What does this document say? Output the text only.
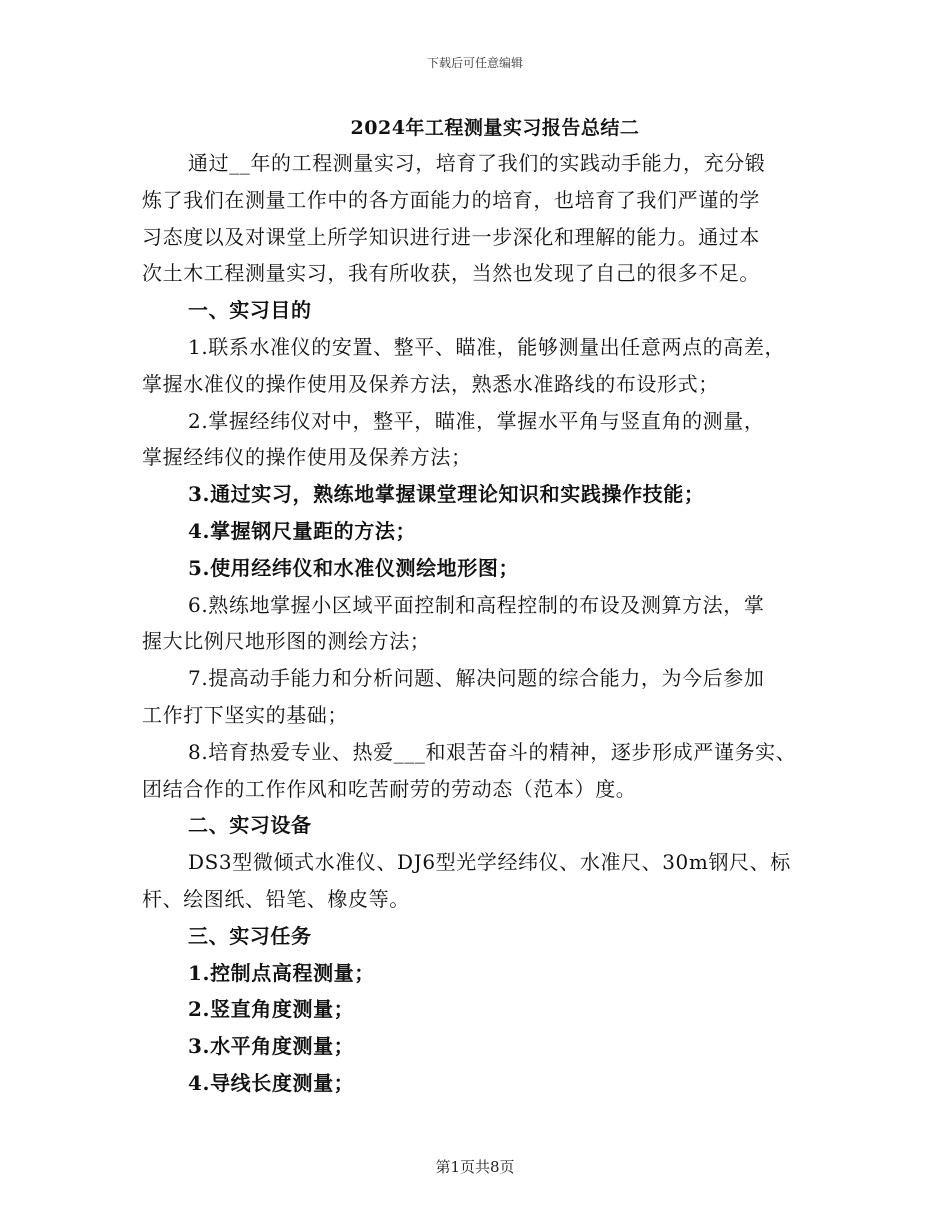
下载后可任意编辑
2024年工程测量实习报告总结二
通过__年的工程测量实习，培育了我们的实践动手能力，充分锻
炼了我们在测量工作中的各方面能力的培育，也培育了我们严谨的学
习态度以及对课堂上所学知识进行进一步深化和理解的能力。通过本
次土木工程测量实习，我有所收获，当然也发现了自己的很多不足。
一、实习目的
1.联系水准仪的安置、整平、瞄准，能够测量出任意两点的高差，
掌握水准仪的操作使用及保养方法，熟悉水准路线的布设形式；
2.掌握经纬仪对中，整平，瞄准，掌握水平角与竖直角的测量，
掌握经纬仪的操作使用及保养方法；
3.通过实习，熟练地掌握课堂理论知识和实践操作技能；
4.掌握钢尺量距的方法；
5.使用经纬仪和水准仪测绘地形图；
6.熟练地掌握小区域平面控制和高程控制的布设及测算方法，掌
握大比例尺地形图的测绘方法；
7.提高动手能力和分析问题、解决问题的综合能力，为今后参加
工作打下坚实的基础；
8.培育热爱专业、热爱___和艰苦奋斗的精神，逐步形成严谨务实、
团结合作的工作作风和吃苦耐劳的劳动态（范本）度。
二、实习设备
DS3型微倾式水准仪、DJ6型光学经纬仪、水准尺、30m钢尺、标
杆、绘图纸、铅笔、橡皮等。
三、实习任务
1.控制点高程测量；
2.竖直角度测量；
3.水平角度测量；
4.导线长度测量；
第1页共8页
